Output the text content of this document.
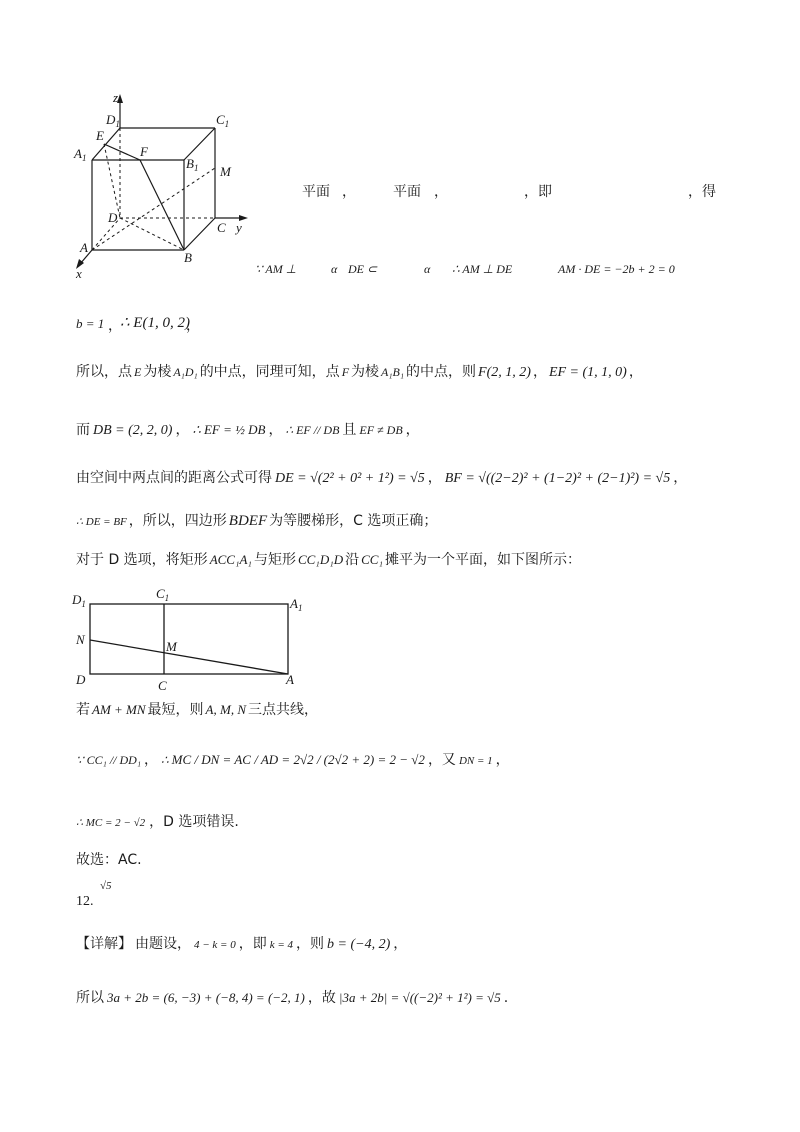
z
$D_1$	$C_1$
E
$A_1$	F
$B_1$ M
D
C y
A
B
x
平面 ，	平面 ，	，即	，得
∵ AM ⊥	α DE ⊂	α ∴ AM ⊥ DE	AM · DE = −2b + 2 = 0
b = 1 ，
∴ E(1, 0, 2)
，
所以，点 E 为棱 A₁D₁ 的中点，同理可知，点 F 为棱 A₁B₁ 的中点，则 F(2, 1, 2) ， EF = (1, 1, 0) ，
而 DB = (2, 2, 0) ， ∴ EF = ½ DB ， ∴ EF // DB 且 EF ≠ DB ，
由空间中两点间的距离公式可得 DE = √(2² + 0² + 1²) = √5 ， BF = √((2−2)² + (1−2)² + (2−1)²) = √5 ，
∴ DE = BF ，所以，四边形 BDEF 为等腰梯形，C 选项正确；
对于 D 选项，将矩形 ACC₁A₁ 与矩形 CC₁D₁D 沿 CC₁ 摊平为一个平面，如下图所示：
$D_1$
$C_1$	$A_1$
N	M
D	C	A
若 AM + MN 最短，则 A, M, N 三点共线，
∵ CC₁ // DD₁ ， ∴ MC / DN = AC / AD = 2√2 / (2√2 + 2) = 2 − √2 ，又 DN = 1 ，
∴ MC = 2 − √2 ，D 选项错误.
故选：AC.
12.
√5
【详解】 由题设， 4 − k = 0 ，即 k = 4 ，则 b = (−4, 2) ，
所以 3a + 2b = (6, −3) + (−8, 4) = (−2, 1) ，故 |3a + 2b| = √((−2)² + 1²) = √5 .
